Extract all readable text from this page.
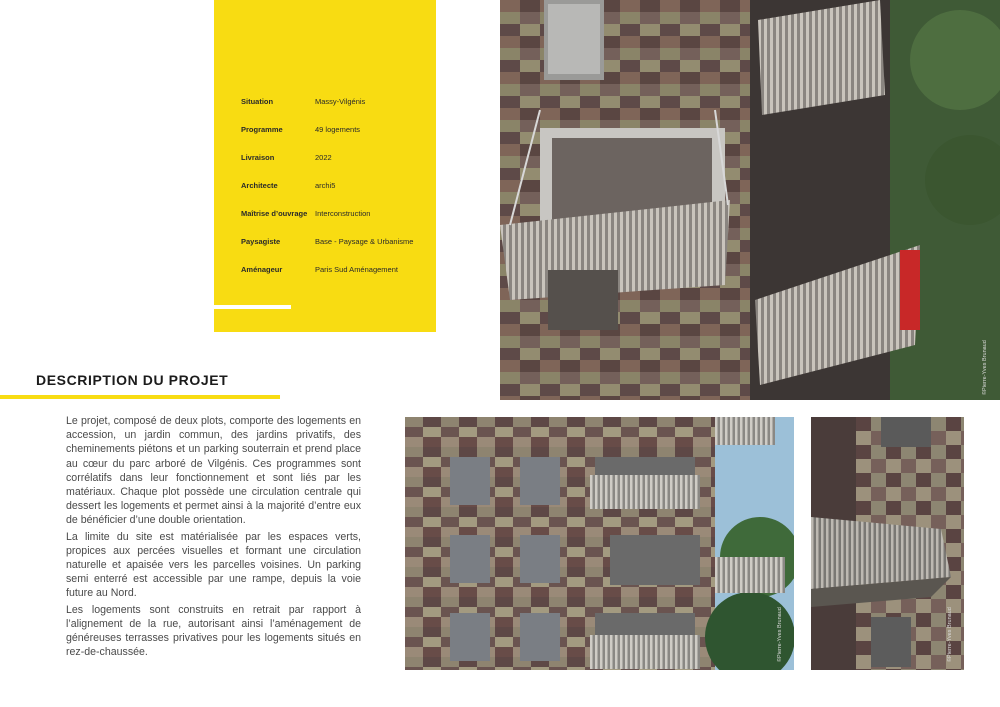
Situation	Massy-Vilgénis
Programme	49 logements
Livraison	2022
Architecte	archi5
Maîtrise d’ouvrage	Interconstruction
Paysagiste	Base - Paysage & Urbanisme
Aménageur	Paris Sud Aménagement
DESCRIPTION DU PROJET

Le projet, composé de deux plots, comporte des logements en accession, un jardin commun, des jardins privatifs, des cheminements piétons et un parking souterrain et prend place au cœur du parc arboré de Vilgénis. Ces programmes sont corrélatifs dans leur fonctionnement et sont liés par les matériaux. Chaque plot possède une circulation centrale qui dessert les logements et permet ainsi à la majorité d’entre eux de bénéficier d’une double orientation.

La limite du site est matérialisée par les espaces verts, propices aux percées visuelles et formant une circulation naturelle et apaisée vers les parcelles voisines. Un parking semi enterré est accessible par une rampe, depuis la voie future au Nord.

Les logements sont construits en retrait par rapport à l’alignement de la rue, autorisant ainsi l’aménagement de généreuses terrasses privatives pour les logements situés en rez-de-chaussée.

©Pierre-Yves Brunaud
©Pierre-Yves Brunaud	©Pierre-Yves Brunaud
